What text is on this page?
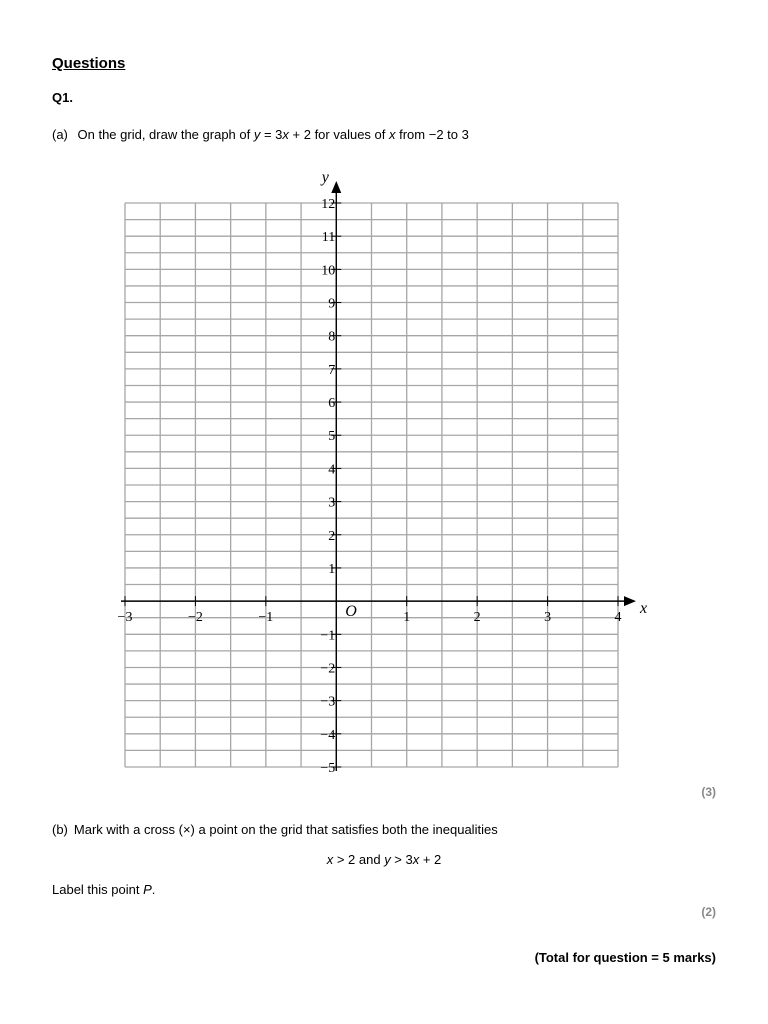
Questions
Q1.
(a) On the grid, draw the graph of y = 3x + 2 for values of x from −2 to 3
−3	−2	−1	1	2	3	4
−5
−4
−3
−2
−1
1
2
3
4
5
6
7
8
9
10
11
12
O	x
y
(3)
(b) Mark with a cross (×) a point on the grid that satisfies both the inequalities
x > 2 and y > 3x + 2
Label this point P.
(2)
(Total for question = 5 marks)
